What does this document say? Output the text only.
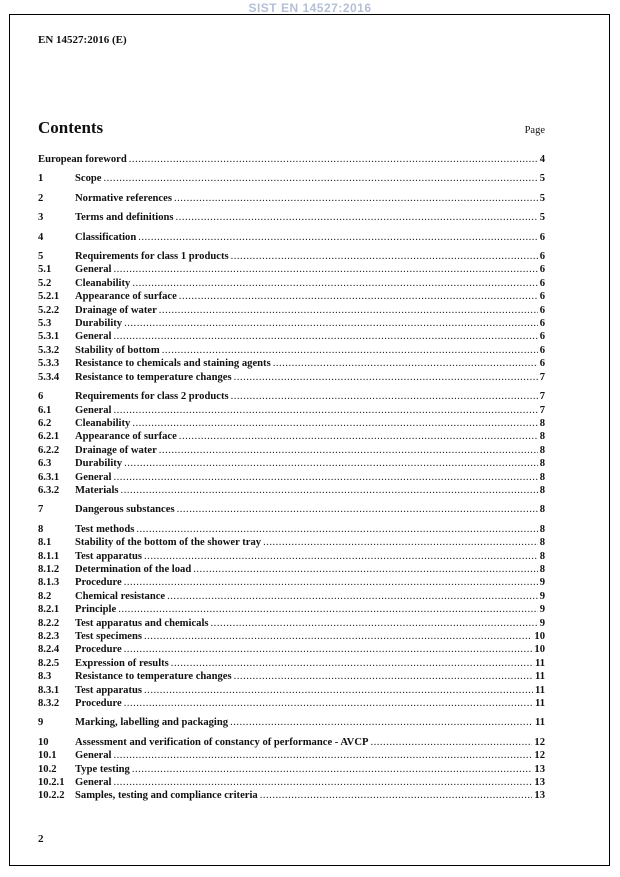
SIST EN 14527:2016
EN 14527:2016 (E)
Contents	Page
European foreword .....	4
1	Scope .....	5
2	Normative references .....	5
3	Terms and definitions .....	5
4	Classification .....	6
5	Requirements for class 1 products .....	6
5.1	General .....	6
5.2	Cleanability .....	6
5.2.1	Appearance of surface .....	6
5.2.2	Drainage of water .....	6
5.3	Durability .....	6
5.3.1	General .....	6
5.3.2	Stability of bottom .....	6
5.3.3	Resistance to chemicals and staining agents .....	6
5.3.4	Resistance to temperature changes .....	7
6	Requirements for class 2 products .....	7
6.1	General .....	7
6.2	Cleanability .....	8
6.2.1	Appearance of surface .....	8
6.2.2	Drainage of water .....	8
6.3	Durability .....	8
6.3.1	General .....	8
6.3.2	Materials .....	8
7	Dangerous substances .....	8
8	Test methods .....	8
8.1	Stability of the bottom of the shower tray .....	8
8.1.1	Test apparatus .....	8
8.1.2	Determination of the load .....	8
8.1.3	Procedure .....	9
8.2	Chemical resistance .....	9
8.2.1	Principle .....	9
8.2.2	Test apparatus and chemicals .....	9
8.2.3	Test specimens .....	10
8.2.4	Procedure .....	10
8.2.5	Expression of results .....	11
8.3	Resistance to temperature changes .....	11
8.3.1	Test apparatus .....	11
8.3.2	Procedure .....	11
9	Marking, labelling and packaging .....	11
10	Assessment and verification of constancy of performance - AVCP .....	12
10.1	General .....	12
10.2	Type testing .....	13
10.2.1 General .....	13
10.2.2 Samples, testing and compliance criteria .....	13
2
